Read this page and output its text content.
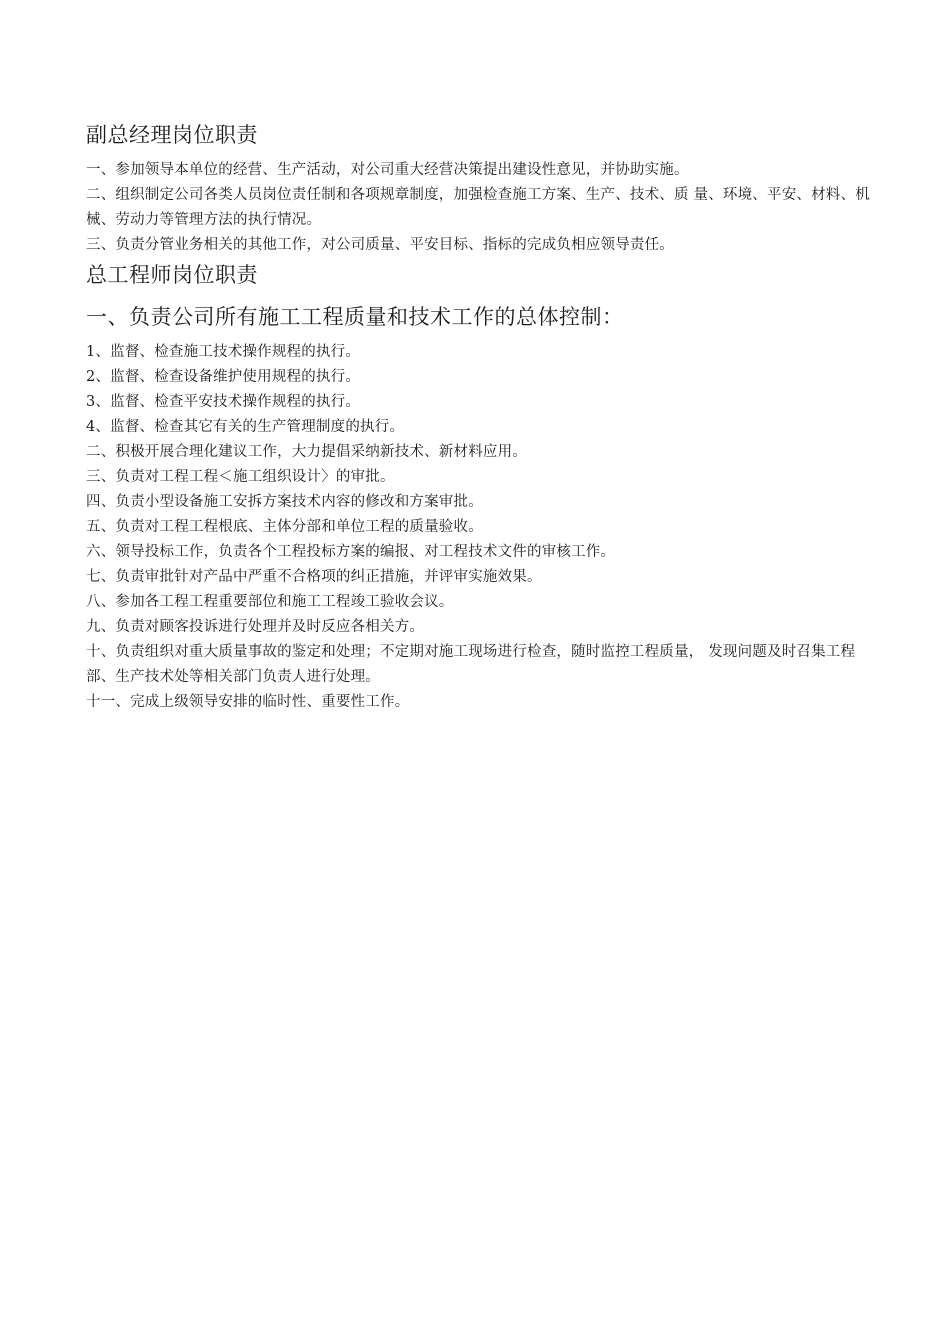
副总经理岗位职责

一、参加领导本单位的经营、生产活动，对公司重大经营决策提出建设性意见，并协助实施。

二、组织制定公司各类人员岗位责任制和各项规章制度，加强检查施工方案、生产、技术、质 量、环境、平安、材料、机械、劳动力等管理方法的执行情况。

三、负责分管业务相关的其他工作，对公司质量、平安目标、指标的完成负相应领导责任。

总工程师岗位职责
一、负责公司所有施工工程质量和技术工作的总体控制：

1、监督、检查施工技术操作规程的执行。

2、监督、检查设备维护使用规程的执行。

3、监督、检查平安技术操作规程的执行。

4、监督、检查其它有关的生产管理制度的执行。

二、积极开展合理化建议工作，大力提倡采纳新技术、新材料应用。

三、负责对工程工程＜施工组织设计〉的审批。

四、负责小型设备施工安拆方案技术内容的修改和方案审批。

五、负责对工程工程根底、主体分部和单位工程的质量验收。

六、领导投标工作，负责各个工程投标方案的编报、对工程技术文件的审核工作。

七、负责审批针对产品中严重不合格项的纠正措施，并评审实施效果。

八、参加各工程工程重要部位和施工工程竣工验收会议。

九、负责对顾客投诉进行处理并及时反应各相关方。

十、负责组织对重大质量事故的鉴定和处理；不定期对施工现场进行检查，随时监控工程质量， 发现问题及时召集工程部、生产技术处等相关部门负责人进行处理。

十一、完成上级领导安排的临时性、重要性工作。
